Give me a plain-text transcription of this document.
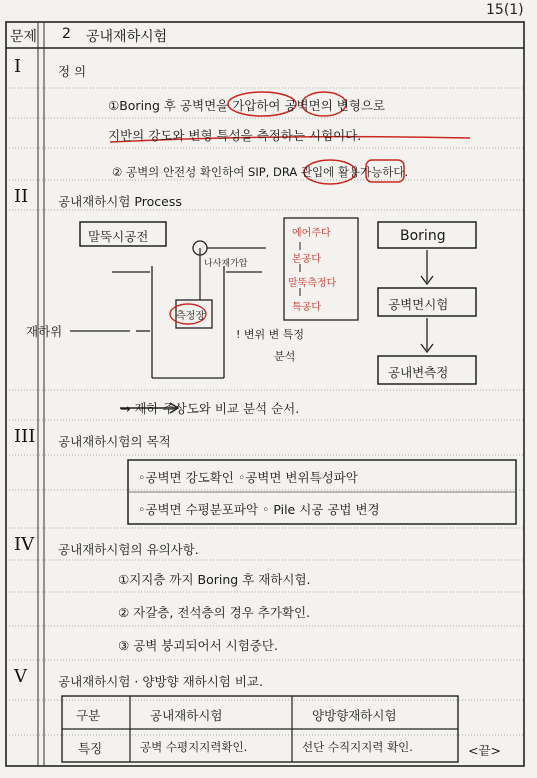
15(1)
문제 2 공내재하시험
I	정 의
①Boring 후 공벽면을 가압하여 공벽면의 변형으로
지반의 강도와 변형 특성을 측정하는 시험이다.
② 공벽의 안전성 확인하여 SIP, DRA 관입에 활용가능하다.
II 공내재하시험 Process
말뚝시공전
나사재가압
측정장
재하위	! 변위 변 특정
분석
에어주다
본공다
말뚝측정다
특공다
Boring
공벽면시험
공내변측정
→ 재하 주상도와 비교 분석 순서.
III 공내재하시험의 목적
◦공벽면 강도확인 ◦공벽면 변위특성파악
◦공벽면 수평분포파악 ◦ Pile 시공 공법 변경
IV 공내재하시험의 유의사항.
①지지층 까지 Boring 후 재하시험.
② 자갈층, 전석층의 경우 추가확인.
③ 공벽 붕괴되어서 시험중단.
V 공내재하시험 · 양방향 재하시험 비교.
구분	공내재하시험	양방향재하시험
특징	공벽 수평지지력확인.	선단 수직지지력 확인.	<끝>
